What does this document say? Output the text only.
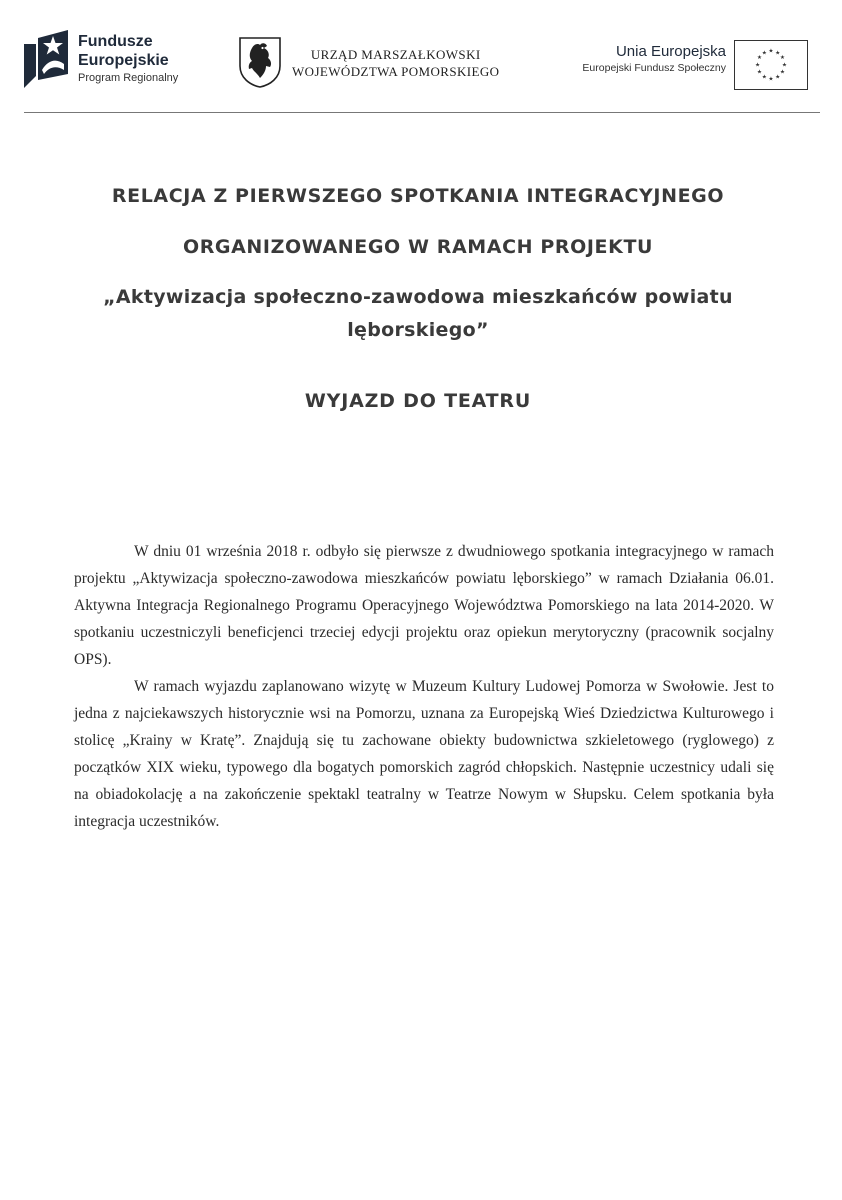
Fundusze
Europejskie
Program Regionalny
URZĄD MARSZAŁKOWSKI
WOJEWÓDZTWA POMORSKIEGO
Unia Europejska
Europejski Fundusz Społeczny
★ ★
★
★
★
★
★
★
★
★
★
★
RELACJA Z PIERWSZEGO SPOTKANIA INTEGRACYJNEGO
ORGANIZOWANEGO W RAMACH PROJEKTU
„Aktywizacja społeczno-zawodowa mieszkańców powiatu lęborskiego”
WYJAZD DO TEATRU

W dniu 01 września 2018 r. odbyło się pierwsze z dwudniowego spotkania integracyjnego w ramach projektu „Aktywizacja społeczno-zawodowa mieszkańców powiatu lęborskiego” w ramach Działania 06.01. Aktywna Integracja Regionalnego Programu Operacyjnego Województwa Pomorskiego na lata 2014-2020. W spotkaniu uczestniczyli beneficjenci trzeciej edycji projektu oraz opiekun merytoryczny (pracownik socjalny OPS).

W ramach wyjazdu zaplanowano wizytę w Muzeum Kultury Ludowej Pomorza w Swołowie. Jest to jedna z najciekawszych historycznie wsi na Pomorzu, uznana za Europejską Wieś Dziedzictwa Kulturowego i stolicę „Krainy w Kratę”. Znajdują się tu zachowane obiekty budownictwa szkieletowego (ryglowego) z początków XIX wieku, typowego dla bogatych pomorskich zagród chłopskich. Następnie uczestnicy udali się na obiadokolację a na zakończenie spektakl teatralny w Teatrze Nowym w Słupsku. Celem spotkania była integracja uczestników.
